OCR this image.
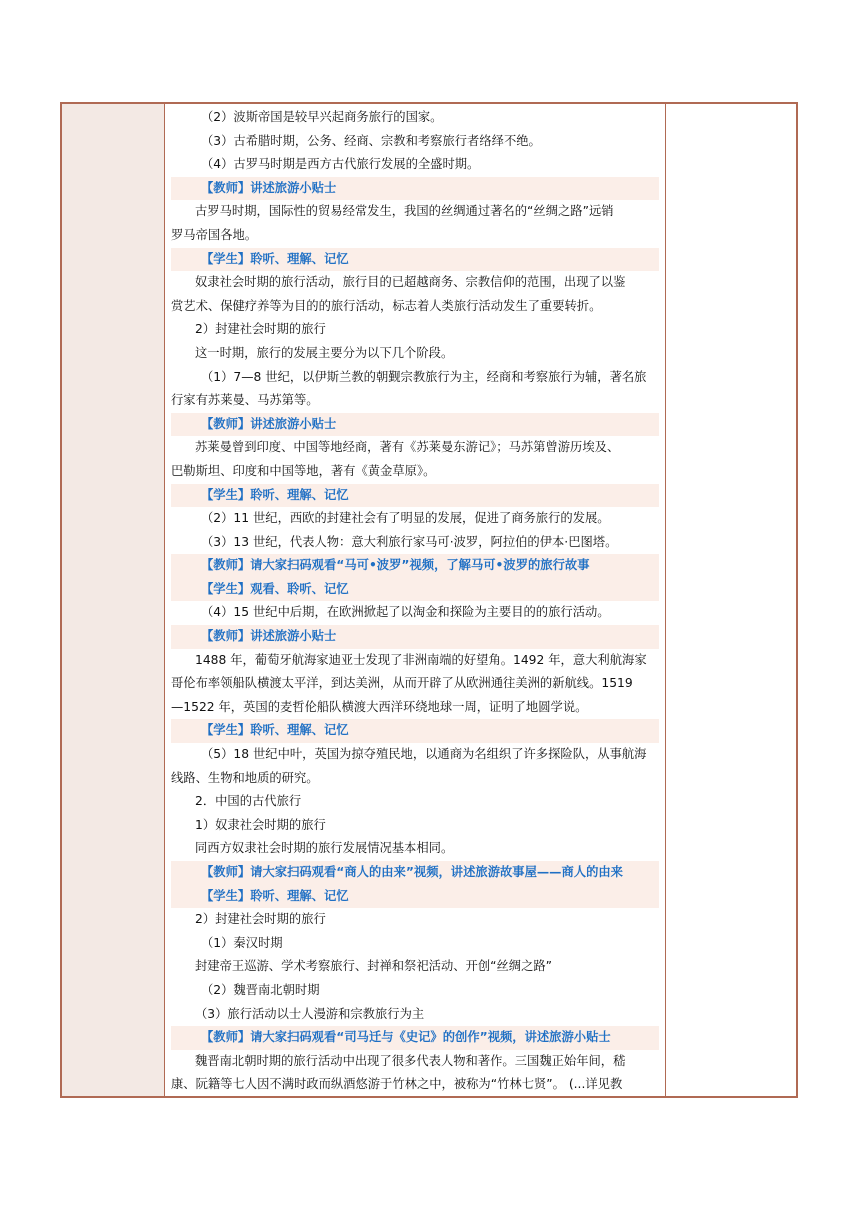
（2）波斯帝国是较早兴起商务旅行的国家。
（3）古希腊时期，公务、经商、宗教和考察旅行者络绎不绝。
（4）古罗马时期是西方古代旅行发展的全盛时期。
【教师】讲述旅游小贴士
古罗马时期，国际性的贸易经常发生，我国的丝绸通过著名的“丝绸之路”远销
罗马帝国各地。
【学生】聆听、理解、记忆
奴隶社会时期的旅行活动，旅行目的已超越商务、宗教信仰的范围，出现了以鉴
赏艺术、保健疗养等为目的的旅行活动，标志着人类旅行活动发生了重要转折。
2）封建社会时期的旅行
这一时期，旅行的发展主要分为以下几个阶段。
（1）7—8 世纪，以伊斯兰教的朝觐宗教旅行为主，经商和考察旅行为辅，著名旅
行家有苏莱曼、马苏第等。
【教师】讲述旅游小贴士
苏莱曼曾到印度、中国等地经商，著有《苏莱曼东游记》；马苏第曾游历埃及、
巴勒斯坦、印度和中国等地，著有《黄金草原》。
【学生】聆听、理解、记忆
（2）11 世纪，西欧的封建社会有了明显的发展，促进了商务旅行的发展。
（3）13 世纪，代表人物：意大利旅行家马可·波罗，阿拉伯的伊本·巴图塔。
【教师】请大家扫码观看“马可•波罗”视频，了解马可•波罗的旅行故事
【学生】观看、聆听、记忆
（4）15 世纪中后期，在欧洲掀起了以淘金和探险为主要目的的旅行活动。
【教师】讲述旅游小贴士
1488 年，葡萄牙航海家迪亚士发现了非洲南端的好望角。1492 年，意大利航海家
哥伦布率领船队横渡太平洋，到达美洲，从而开辟了从欧洲通往美洲的新航线。1519
—1522 年，英国的麦哲伦船队横渡大西洋环绕地球一周，证明了地圆学说。
【学生】聆听、理解、记忆
（5）18 世纪中叶，英国为掠夺殖民地，以通商为名组织了许多探险队，从事航海
线路、生物和地质的研究。
2．中国的古代旅行
1）奴隶社会时期的旅行
同西方奴隶社会时期的旅行发展情况基本相同。
【教师】请大家扫码观看“商人的由来”视频，讲述旅游故事屋——商人的由来
【学生】聆听、理解、记忆
2）封建社会时期的旅行
（1）秦汉时期
封建帝王巡游、学术考察旅行、封禅和祭祀活动、开创“丝绸之路”
（2）魏晋南北朝时期
（3）旅行活动以士人漫游和宗教旅行为主
【教师】请大家扫码观看“司马迁与《史记》的创作”视频，讲述旅游小贴士
魏晋南北朝时期的旅行活动中出现了很多代表人物和著作。三国魏正始年间，嵇
康、阮籍等七人因不满时政而纵酒悠游于竹林之中，被称为“竹林七贤”。 (...详见教
